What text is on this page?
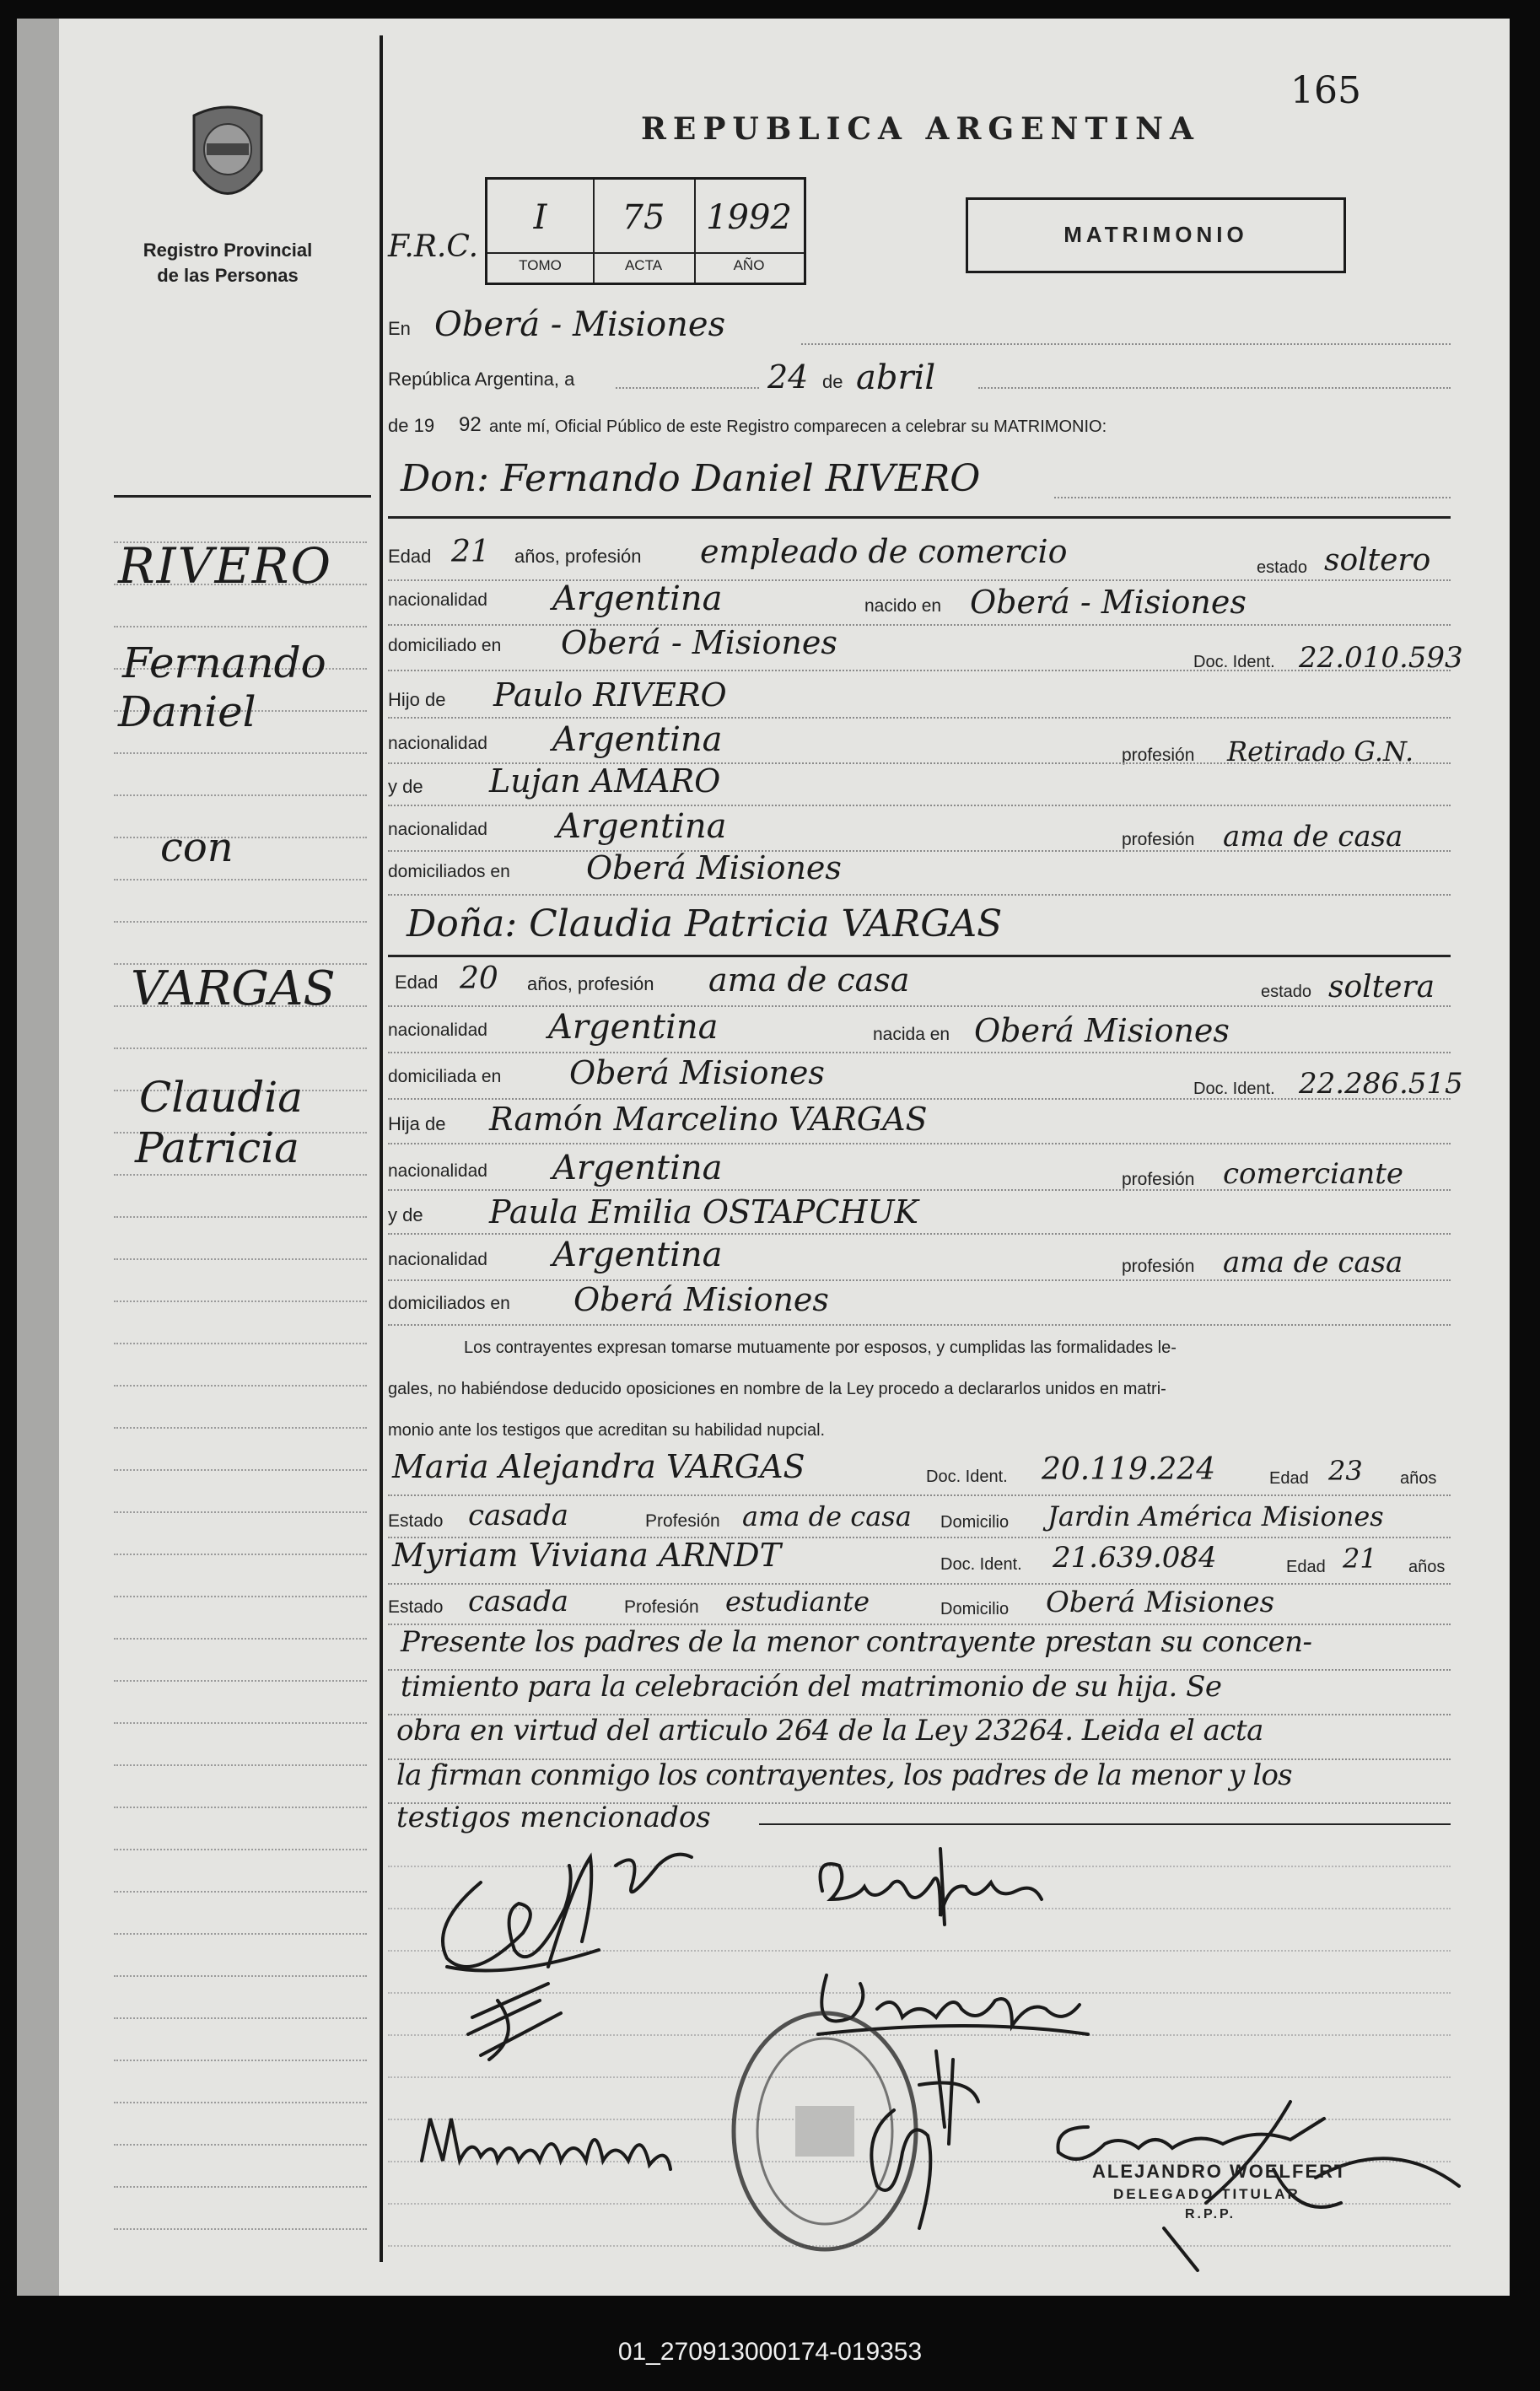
165
Registro Provincial
de las Personas
REPUBLICA ARGENTINA
F.R.C.
I	75	1992
TOMO	ACTA	AÑO
MATRIMONIO
RIVERO
Fernando
Daniel
con
VARGAS
Claudia
Patricia
En Oberá - Misiones
República Argentina, a	24 de abril
de 19 92 ante mí, Oficial Público de este Registro comparecen a celebrar su MATRIMONIO:
Don: Fernando Daniel RIVERO
Edad 21 años, profesión empleado de comercio	estado soltero
nacionalidad Argentina	nacido en Oberá - Misiones
domiciliado en Oberá - Misiones
Doc. Ident. 22.010.593
Hijo de Paulo RIVERO
nacionalidad Argentina	profesión Retirado G.N.
y de Lujan AMARO
nacionalidad Argentina	profesión ama de casa
domiciliados en Oberá Misiones
Doña: Claudia Patricia VARGAS
Edad 20 años, profesión ama de casa	estado soltera
nacionalidad Argentina	nacida en Oberá Misiones
domiciliada en Oberá Misiones	Doc. Ident. 22.286.515
Hija de Ramón Marcelino VARGAS
nacionalidad Argentina	profesión comerciante
y de Paula Emilia OSTAPCHUK
nacionalidad Argentina	profesión ama de casa
domiciliados en Oberá Misiones
Los contrayentes expresan tomarse mutuamente por esposos, y cumplidas las formalidades le-
gales, no habiéndose deducido oposiciones en nombre de la Ley procedo a declararlos unidos en matri-
monio ante los testigos que acreditan su habilidad nupcial.
Maria Alejandra VARGAS	Doc. Ident. 20.119.224	Edad 23 años
Estado casada	Profesión ama de casa Domicilio Jardin América Misiones
Myriam Viviana ARNDT	Doc. Ident. 21.639.084	Edad 21 años
Estado casada	Profesión estudiante	Domicilio Oberá Misiones
Presente los padres de la menor contrayente prestan su concen-
timiento para la celebración del matrimonio de su hija. Se
obra en virtud del articulo 264 de la Ley 23264. Leida el acta
la firman conmigo los contrayentes, los padres de la menor y los
testigos mencionados
ALEJANDRO WOELFERT
DELEGADO TITULAR
R.P.P.
01_270913000174-019353
